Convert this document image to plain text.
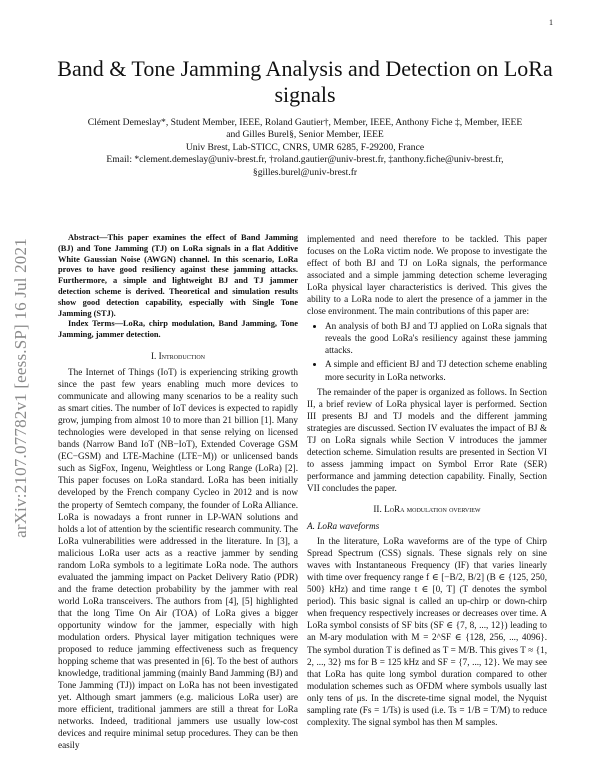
1
arXiv:2107.07782v1 [eess.SP] 16 Jul 2021
Band & Tone Jamming Analysis and Detection on LoRa signals
Clément Demeslay*, Student Member, IEEE, Roland Gautier†, Member, IEEE, Anthony Fiche ‡, Member, IEEE
and Gilles Burel§, Senior Member, IEEE
Univ Brest, Lab-STICC, CNRS, UMR 6285, F-29200, France
Email: *clement.demeslay@univ-brest.fr, †roland.gautier@univ-brest.fr, ‡anthony.fiche@univ-brest.fr,
§gilles.burel@univ-brest.fr

Abstract—This paper examines the effect of Band Jamming (BJ) and Tone Jamming (TJ) on LoRa signals in a flat Additive White Gaussian Noise (AWGN) channel. In this scenario, LoRa proves to have good resiliency against these jamming attacks. Furthermore, a simple and lightweight BJ and TJ jammer detection scheme is derived. Theoretical and simulation results show good detection capability, especially with Single Tone Jamming (STJ).

Index Terms—LoRa, chirp modulation, Band Jamming, Tone Jamming, jammer detection.

I. Introduction

The Internet of Things (IoT) is experiencing striking growth since the past few years enabling much more devices to communicate and allowing many scenarios to be a reality such as smart cities. The number of IoT devices is expected to rapidly grow, jumping from almost 10 to more than 21 billion [1]. Many technologies were developed in that sense relying on licensed bands (Narrow Band IoT (NB−IoT), Extended Coverage GSM (EC−GSM) and LTE-Machine (LTE−M)) or unlicensed bands such as SigFox, Ingenu, Weightless or Long Range (LoRa) [2]. This paper focuses on LoRa standard. LoRa has been initially developed by the French company Cycleo in 2012 and is now the property of Semtech company, the founder of LoRa Alliance. LoRa is nowadays a front runner in LP-WAN solutions and holds a lot of attention by the scientific research community. The LoRa vulnerabilities were addressed in the literature. In [3], a malicious LoRa user acts as a reactive jammer by sending random LoRa symbols to a legitimate LoRa node. The authors evaluated the jamming impact on Packet Delivery Ratio (PDR) and the frame detection probability by the jammer with real world LoRa transceivers. The authors from [4], [5] highlighted that the long Time On Air (TOA) of LoRa gives a bigger opportunity window for the jammer, especially with high modulation orders. Physical layer mitigation techniques were proposed to reduce jamming effectiveness such as frequency hopping scheme that was presented in [6]. To the best of authors knowledge, traditional jamming (mainly Band Jamming (BJ) and Tone Jamming (TJ)) impact on LoRa has not been investigated yet. Although smart jammers (e.g. malicious LoRa user) are more efficient, traditional jammers are still a threat for LoRa networks. Indeed, traditional jammers use usually low-cost devices and require minimal setup procedures. They can be then easily

implemented and need therefore to be tackled. This paper focuses on the LoRa victim node. We propose to investigate the effect of both BJ and TJ on LoRa signals, the performance associated and a simple jamming detection scheme leveraging LoRa physical layer characteristics is derived. This gives the ability to a LoRa node to alert the presence of a jammer in the close environment. The main contributions of this paper are:

• An analysis of both BJ and TJ applied on LoRa signals that reveals the good LoRa's resiliency against these jamming attacks.
• A simple and efficient BJ and TJ detection scheme enabling more security in LoRa networks.

The remainder of the paper is organized as follows. In Section II, a brief review of LoRa physical layer is performed. Section III presents BJ and TJ models and the different jamming strategies are discussed. Section IV evaluates the impact of BJ & TJ on LoRa signals while Section V introduces the jammer detection scheme. Simulation results are presented in Section VI to assess jamming impact on Symbol Error Rate (SER) performance and jamming detection capability. Finally, Section VII concludes the paper.

II. LoRa modulation overview
A. LoRa waveforms

In the literature, LoRa waveforms are of the type of Chirp Spread Spectrum (CSS) signals. These signals rely on sine waves with Instantaneous Frequency (IF) that varies linearly with time over frequency range f ∈ [−B/2, B/2] (B ∈ {125, 250, 500} kHz) and time range t ∈ [0, T] (T denotes the symbol period). This basic signal is called an up-chirp or down-chirp when frequency respectively increases or decreases over time. A LoRa symbol consists of SF bits (SF ∈ {7, 8, ..., 12}) leading to an M-ary modulation with M = 2^SF ∈ {128, 256, ..., 4096}. The symbol duration T is defined as T = M/B. This gives T ≈ {1, 2, ..., 32} ms for B = 125 kHz and SF = {7, ..., 12}. We may see that LoRa has quite long symbol duration compared to other modulation schemes such as OFDM where symbols usually last only tens of μs. In the discrete-time signal model, the Nyquist sampling rate (Fs = 1/Ts) is used (i.e. Ts = 1/B = T/M) to reduce complexity. The signal symbol has then M samples.
